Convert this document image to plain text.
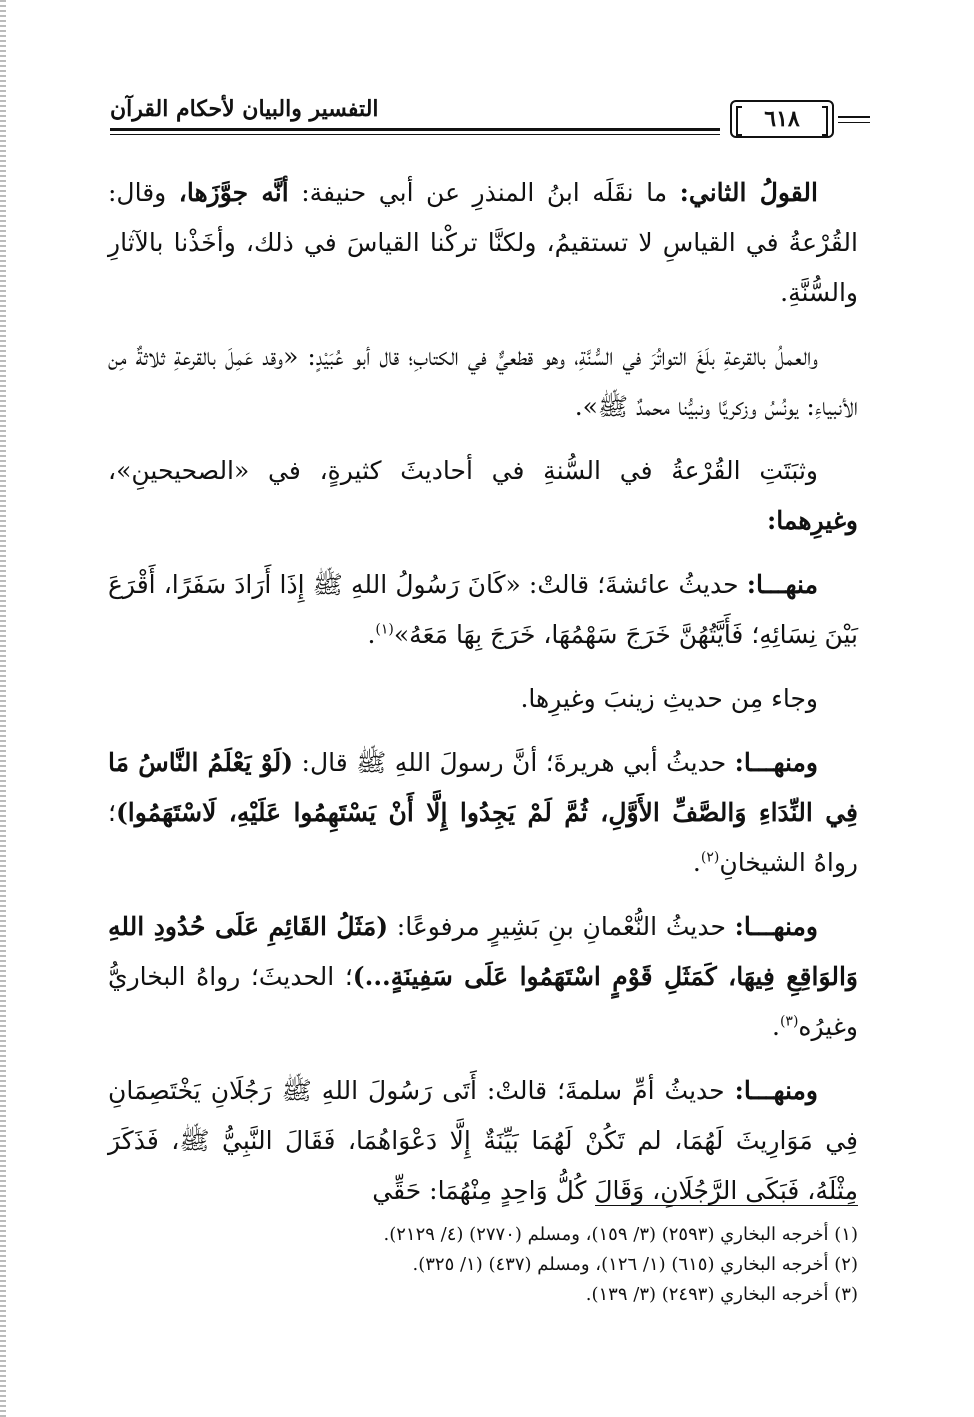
التفسير والبيان لأحكام القرآن	٦١٨

القولُ الثاني: ما نقَلَه ابنُ المنذرِ عن أبي حنيفة: أنَّه جوَّزَها، وقال: القُرْعةُ في القياسِ لا تستقيمُ، ولكنَّا تركْنا القياسَ في ذلك، وأخَذْنا بالآثارِ والسُّنَّةِ.

والعملُ بالقرعةِ بلَغَ التواتُرَ في السُّنَّةِ، وهو قطعيٌّ في الكتابِ؛ قال أبو عُبَيْدٍ: «وقد عَمِلَ بالقرعةِ ثلاثةٌ مِن الأنبياءِ: يونُسُ وزكريَّا ونبيُّنا محمدٌ ﷺ».

وثبَتَتِ القُرْعةُ في السُّنةِ في أحاديثَ كثيرةٍ، في «الصحيحينِ»، وغيرِهما:

منهـــا: حديثُ عائشةَ؛ قالتْ: «كَانَ رَسُولُ اللهِ ﷺ إِذَا أَرَادَ سَفَرًا، أَقْرَعَ بَيْنَ نِسَائِهِ؛ فَأَيَّتُهُنَّ خَرَجَ سَهْمُهَا، خَرَجَ بِهَا مَعَهُ»$^{(١)}$.

وجاء مِن حديثِ زينبَ وغيرِها.

ومنهـــا: حديثُ أبي هريرةَ؛ أنَّ رسولَ اللهِ ﷺ قال: (لَوْ يَعْلَمُ النَّاسُ مَا فِي النِّدَاءِ وَالصَّفِّ الأَوَّلِ، ثُمَّ لَمْ يَجِدُوا إِلَّا أَنْ يَسْتَهِمُوا عَلَيْهِ، لَاسْتَهَمُوا)؛ رواهُ الشيخانِ$^{(٢)}$.

ومنهـــا: حديثُ النُّعْمانِ بنِ بَشِيرٍ مرفوعًا: (مَثَلُ القَائِمِ عَلَى حُدُودِ اللهِ وَالوَاقِعِ فِيهَا، كَمَثَلِ قَوْمٍ اسْتَهَمُوا عَلَى سَفِينَةٍ...)؛ الحديثَ؛ رواهُ البخاريُّ وغيرُه$^{(٣)}$.

ومنهـــا: حديثُ أمِّ سلمةَ؛ قالتْ: أَتَى رَسُولَ اللهِ ﷺ رَجُلَانِ يَخْتَصِمَانِ فِي مَوَارِيثَ لَهُمَا، لم تَكُنْ لَهُمَا بَيِّنَةٌ إِلَّا دَعْوَاهُمَا، فَقَالَ النَّبِيُّ ﷺ، فَذَكَرَ مِثْلَهُ، فَبَكَى الرَّجُلَانِ، وَقَالَ كُلُّ وَاحِدٍ مِنْهُمَا: حَقِّي

(١) أخرجه البخاري (٢٥٩٣) (٣/ ١٥٩)، ومسلم (٢٧٧٠) (٤/ ٢١٢٩).
(٢) أخرجه البخاري (٦١٥) (١/ ١٢٦)، ومسلم (٤٣٧) (١/ ٣٢٥).
(٣) أخرجه البخاري (٢٤٩٣) (٣/ ١٣٩).
